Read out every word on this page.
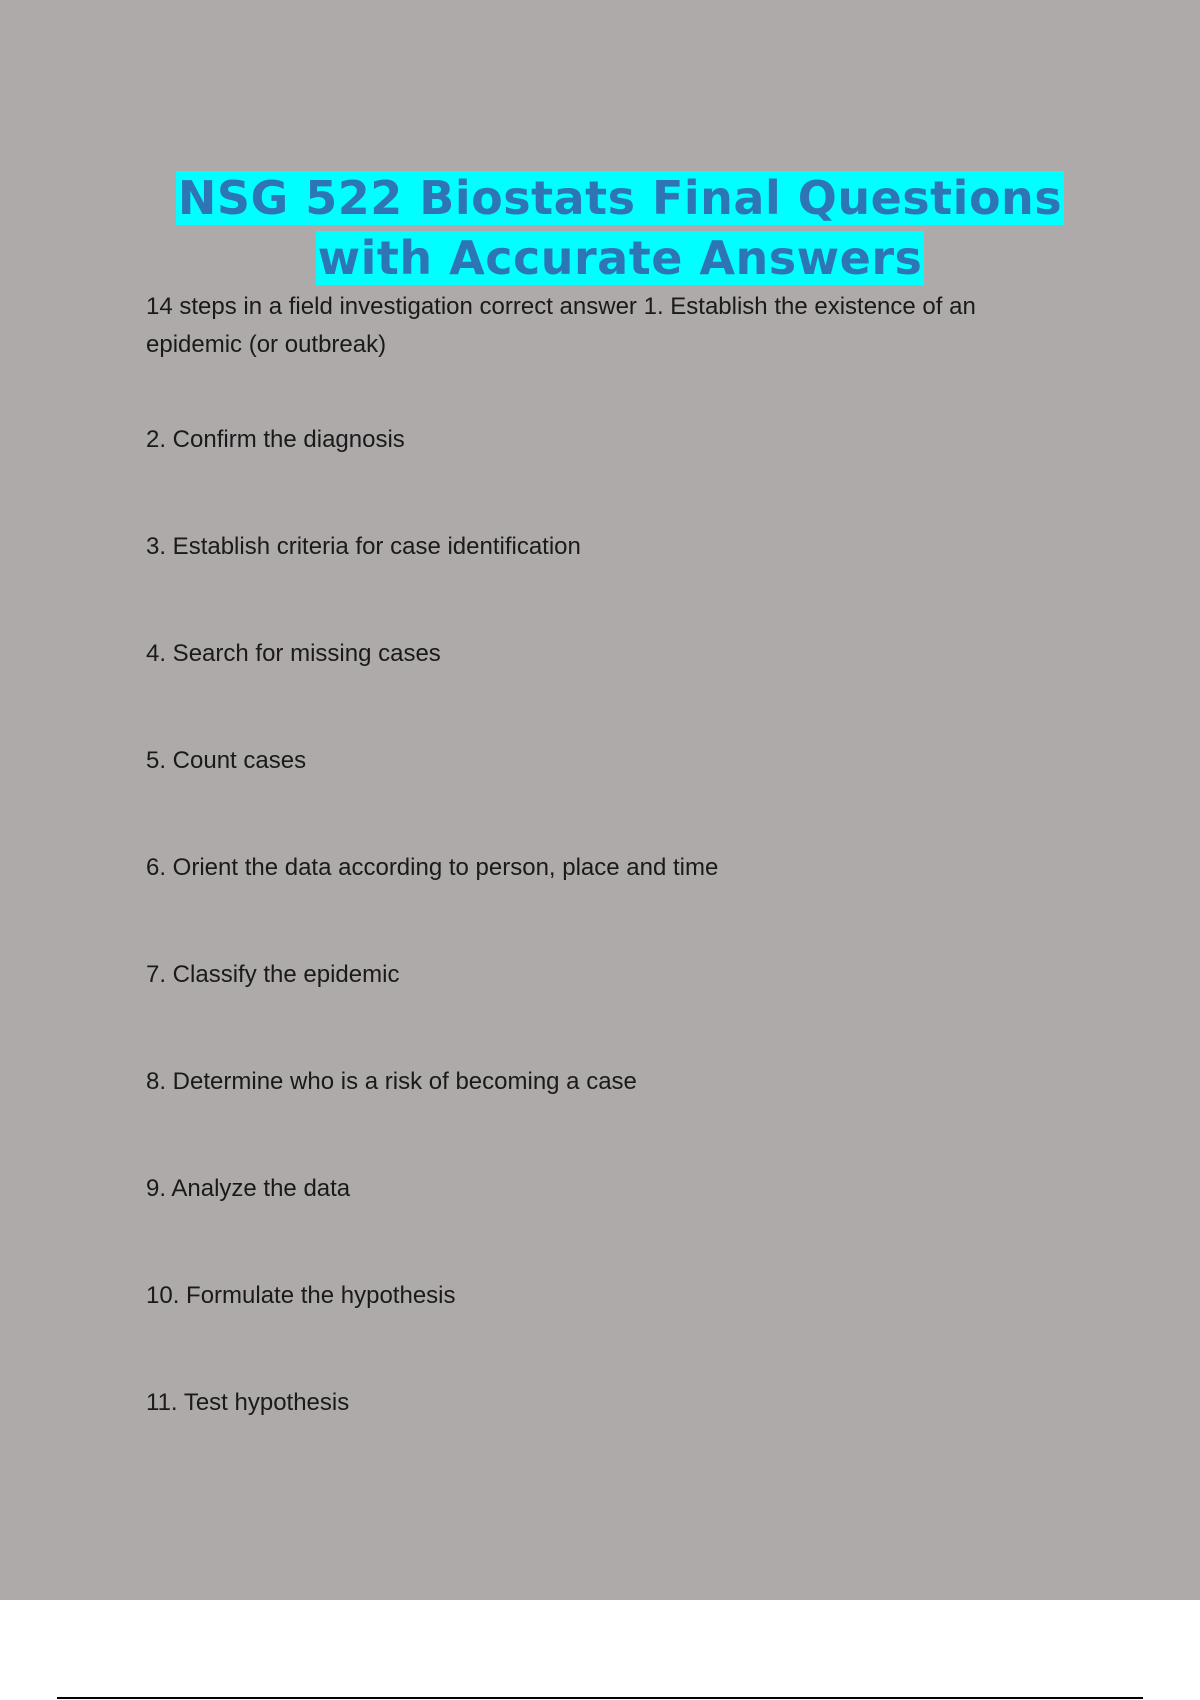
NSG 522 Biostats Final Questions
with Accurate Answers

14 steps in a field investigation correct answer 1. Establish the existence of an epidemic (or outbreak)

2. Confirm the diagnosis

3. Establish criteria for case identification

4. Search for missing cases

5. Count cases

6. Orient the data according to person, place and time

7. Classify the epidemic

8. Determine who is a risk of becoming a case

9. Analyze the data

10. Formulate the hypothesis

11. Test hypothesis
